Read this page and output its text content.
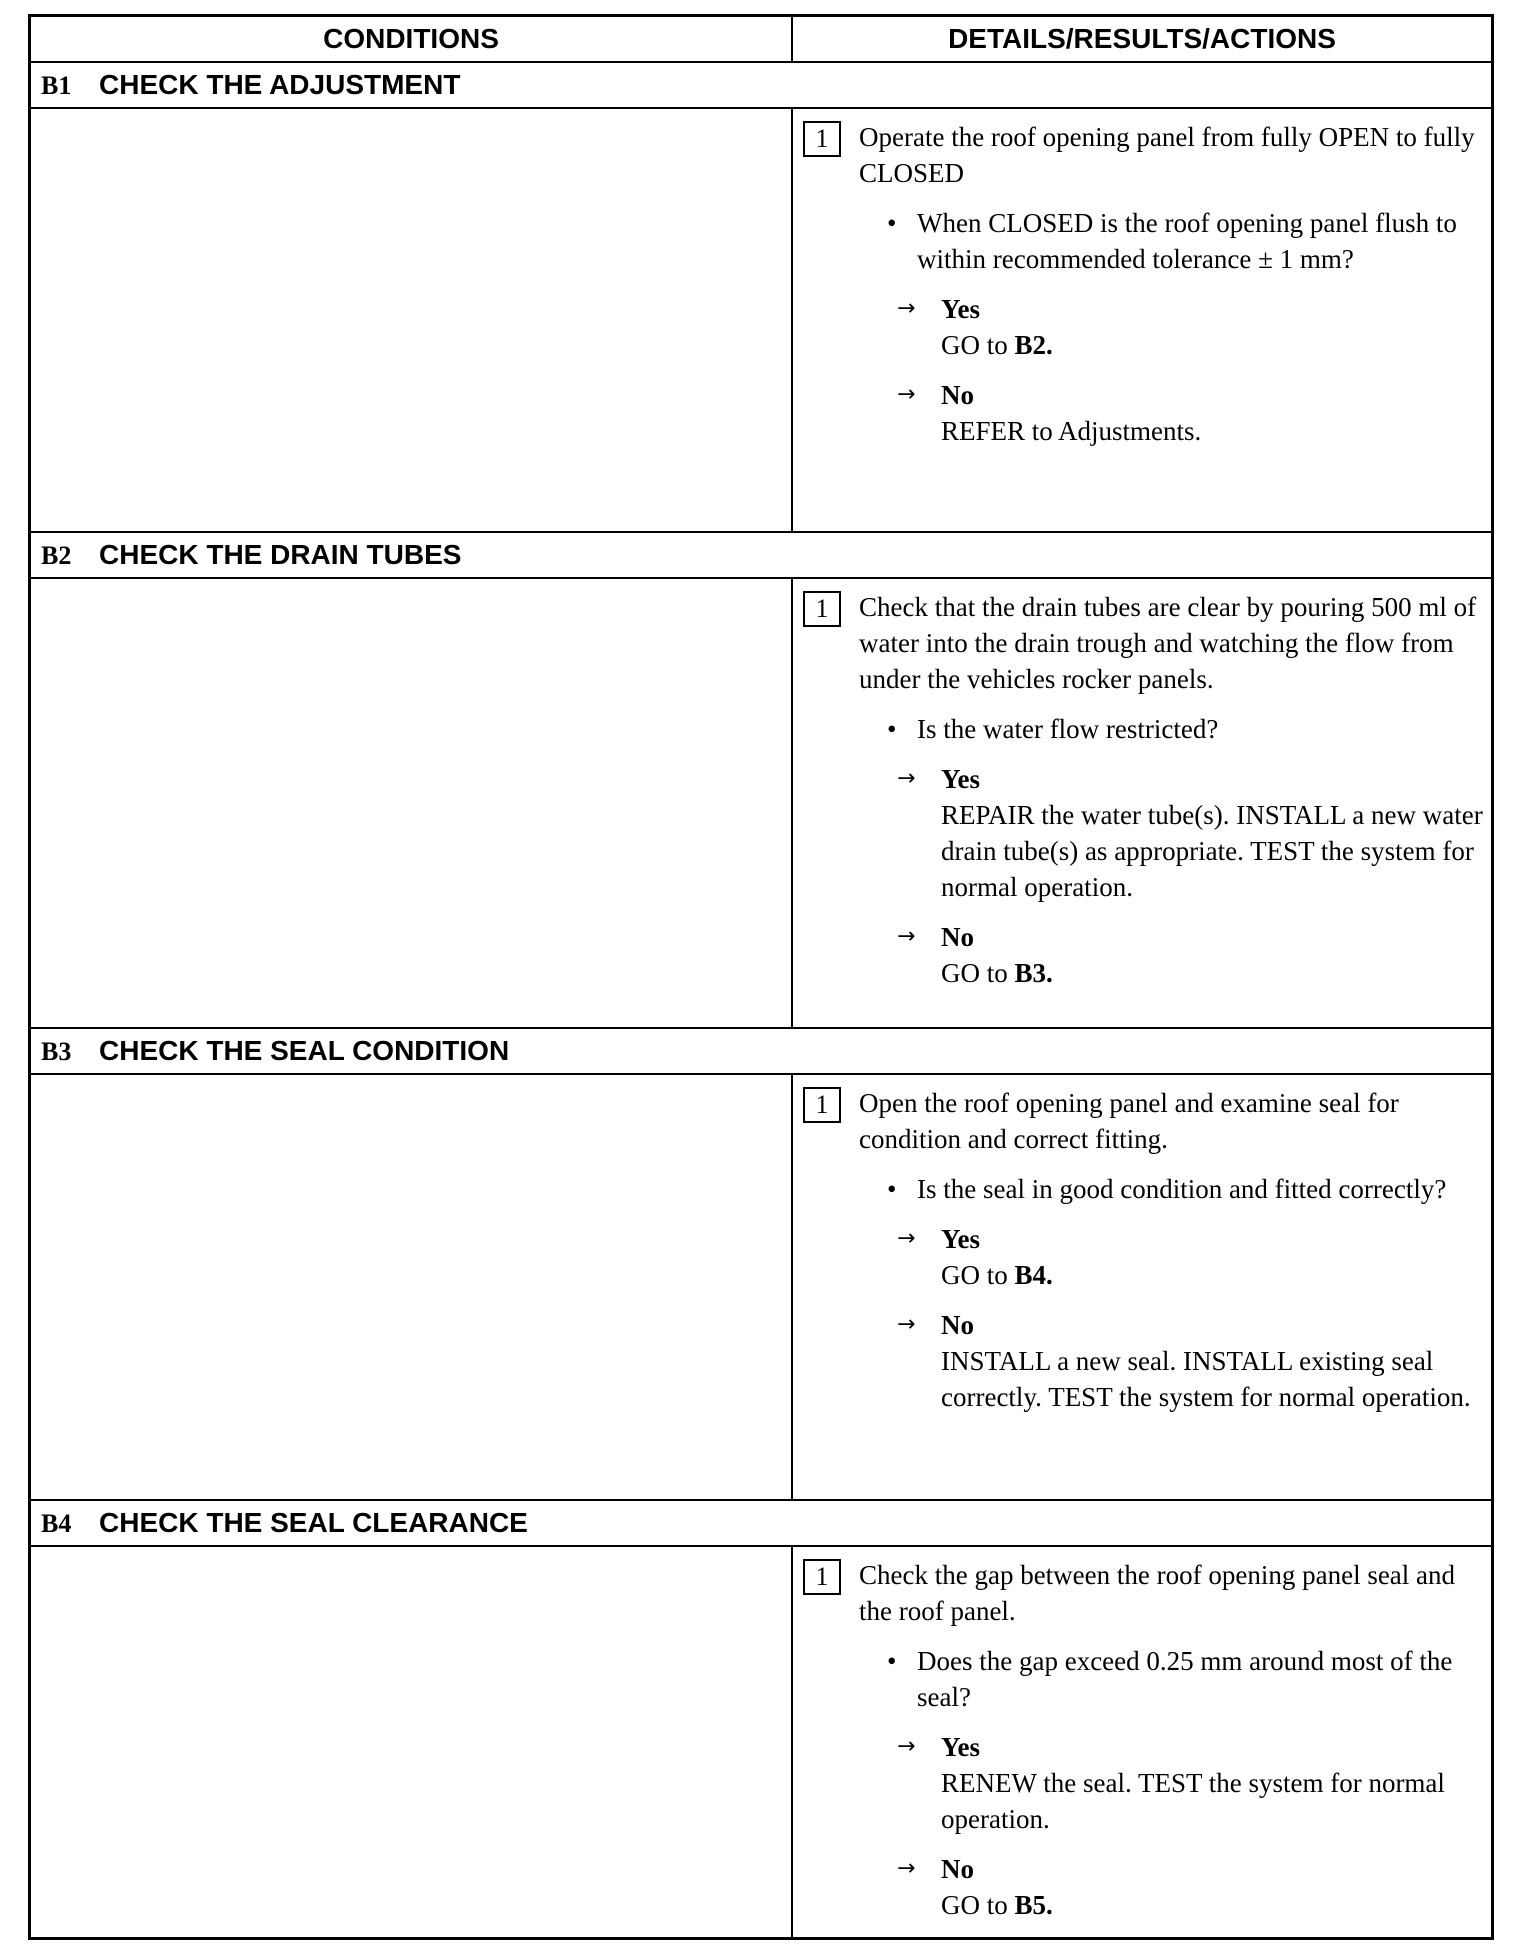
CONDITIONS	DETAILS/RESULTS/ACTIONS
B1 CHECK THE ADJUSTMENT
1	Operate the roof opening panel from fully OPEN to fully CLOSED
• When CLOSED is the roof opening panel flush to within recommended tolerance ± 1 mm?
→ Yes
GO to B2.
→ No
REFER to Adjustments.
B2 CHECK THE DRAIN TUBES
1	Check that the drain tubes are clear by pouring 500 ml of water into the drain trough and watching the flow from under the vehicles rocker panels.
• Is the water flow restricted?
→ Yes
REPAIR the water tube(s). INSTALL a new water drain tube(s) as appropriate. TEST the system for normal operation.
→ No
GO to B3.
B3 CHECK THE SEAL CONDITION
1	Open the roof opening panel and examine seal for condition and correct fitting.
• Is the seal in good condition and fitted correctly?
→ Yes
GO to B4.
→ No
INSTALL a new seal. INSTALL existing seal correctly. TEST the system for normal operation.
B4 CHECK THE SEAL CLEARANCE
1	Check the gap between the roof opening panel seal and the roof panel.
• Does the gap exceed 0.25 mm around most of the seal?
→ Yes
RENEW the seal. TEST the system for normal operation.
→ No
GO to B5.
